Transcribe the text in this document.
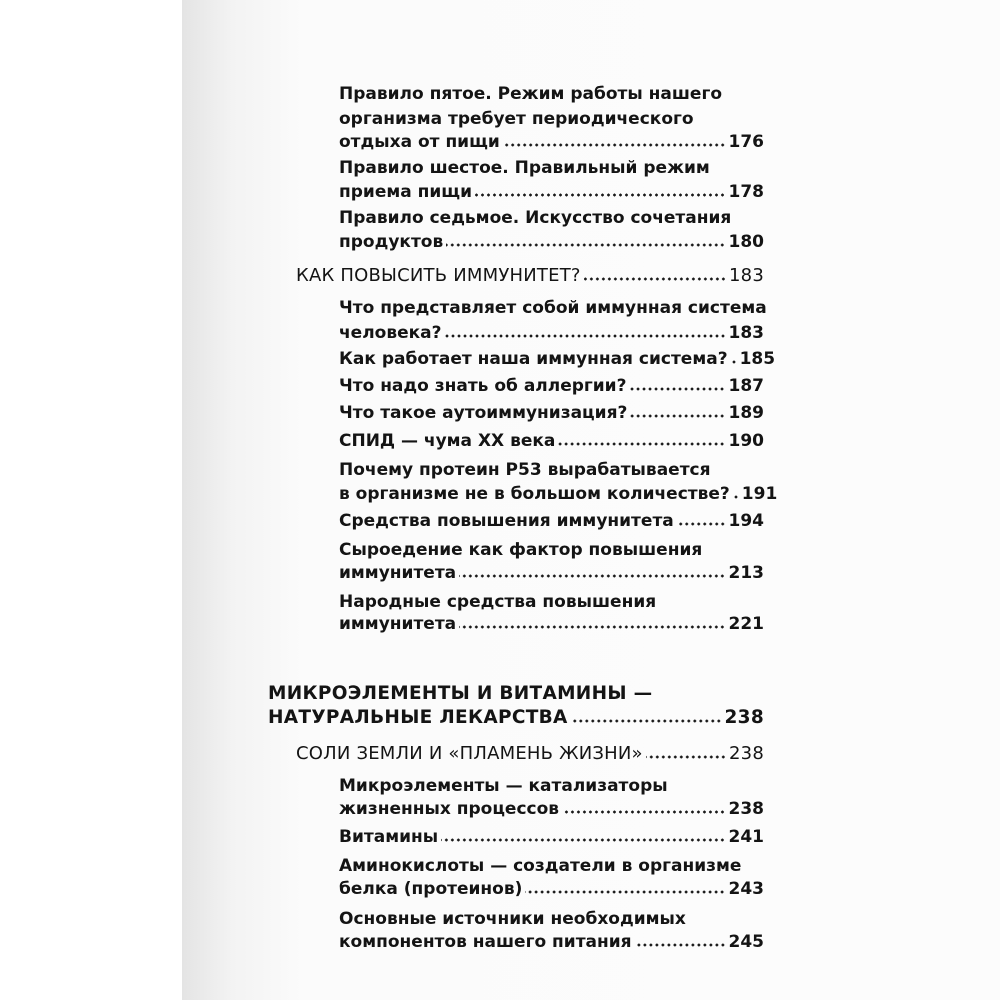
Правило пятое. Режим работы нашего
организма требует периодического
отдыха от пищи	176
Правило шестое. Правильный режим
приема пищи	178
Правило седьмое. Искусство сочетания
продуктов	180
КАК ПОВЫСИТЬ ИММУНИТЕТ?	183
Что представляет собой иммунная система
человека?	183
Как работает наша иммунная система? 185
Что надо знать об аллергии?	187
Что такое аутоиммунизация?	189
СПИД — чума XX века	190
Почему протеин P53 вырабатывается
в организме не в большом количестве? 191
Средства повышения иммунитета	194
Сыроедение как фактор повышения
иммунитета	213
Народные средства повышения
иммунитета	221
МИКРОЭЛЕМЕНТЫ И ВИТАМИНЫ —
НАТУРАЛЬНЫЕ ЛЕКАРСТВА	238
СОЛИ ЗЕМЛИ И «ПЛАМЕНЬ ЖИЗНИ»	238
Микроэлементы — катализаторы
жизненных процессов	238
Витамины	241
Аминокислоты — создатели в организме
белка (протеинов)	243
Основные источники необходимых
компонентов нашего питания	245
